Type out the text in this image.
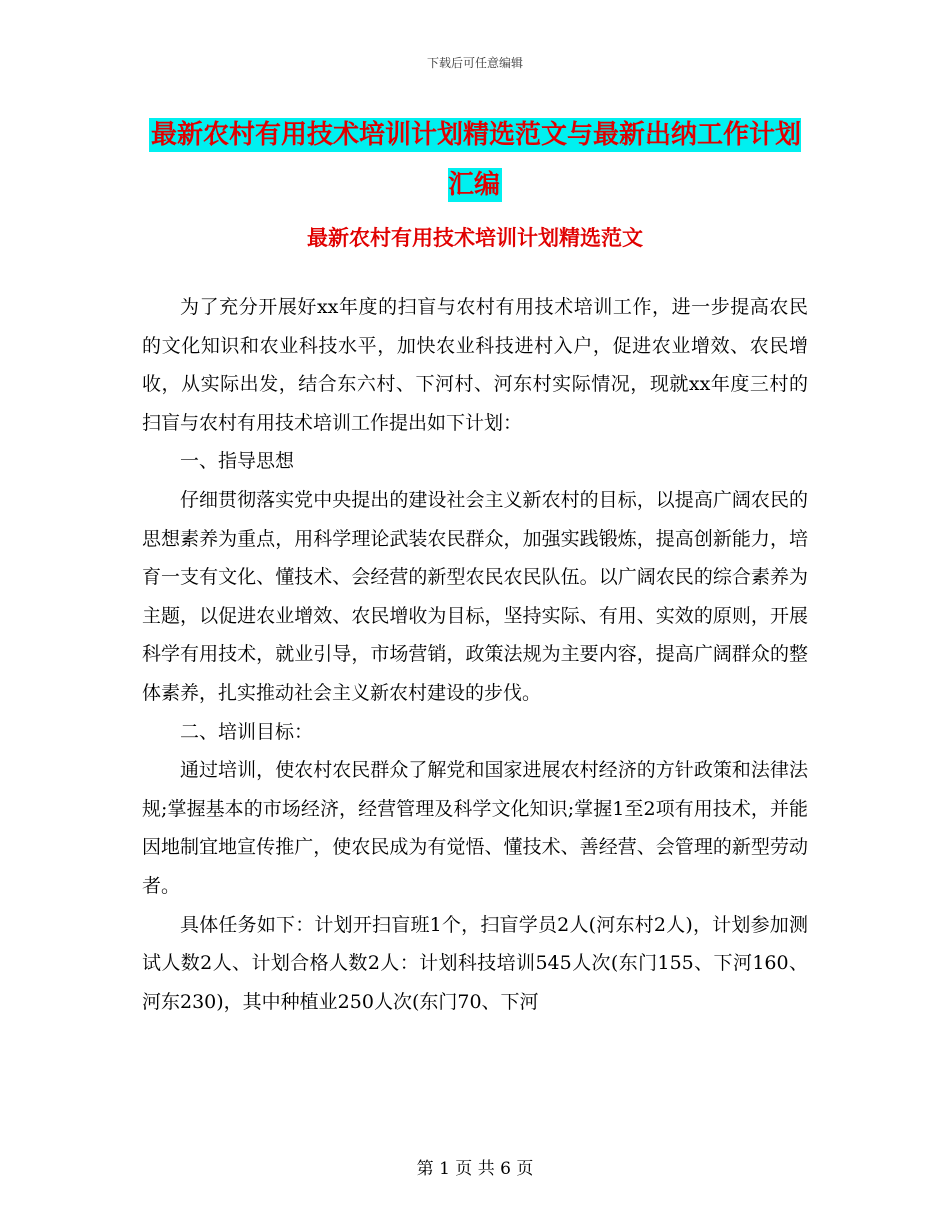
下载后可任意编辑
最新农村有用技术培训计划精选范文与最新出纳工作计划汇编
最新农村有用技术培训计划精选范文

为了充分开展好xx年度的扫盲与农村有用技术培训工作，进一步提高农民的文化知识和农业科技水平，加快农业科技进村入户，促进农业增效、农民增收，从实际出发，结合东六村、下河村、河东村实际情况，现就xx年度三村的扫盲与农村有用技术培训工作提出如下计划：

一、指导思想

仔细贯彻落实党中央提出的建设社会主义新农村的目标，以提高广阔农民的思想素养为重点，用科学理论武装农民群众，加强实践锻炼，提高创新能力，培育一支有文化、懂技术、会经营的新型农民农民队伍。以广阔农民的综合素养为主题，以促进农业增效、农民增收为目标，坚持实际、有用、实效的原则，开展科学有用技术，就业引导，市场营销，政策法规为主要内容，提高广阔群众的整体素养，扎实推动社会主义新农村建设的步伐。

二、培训目标：

通过培训，使农村农民群众了解党和国家进展农村经济的方针政策和法律法规;掌握基本的市场经济，经营管理及科学文化知识;掌握1至2项有用技术，并能因地制宜地宣传推广，使农民成为有觉悟、懂技术、善经营、会管理的新型劳动者。

具体任务如下：计划开扫盲班1个，扫盲学员2人(河东村2人)，计划参加测试人数2人、计划合格人数2人：计划科技培训545人次(东门155、下河160、河东230)，其中种植业250人次(东门70、下河

第 1 页 共 6 页
